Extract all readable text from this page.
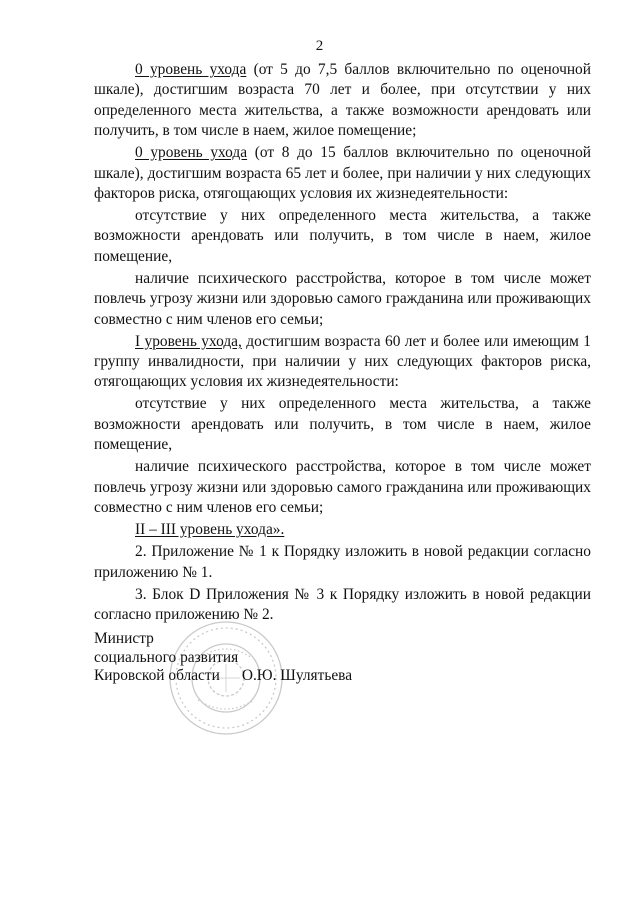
2

0 уровень ухода (от 5 до 7,5 баллов включительно по оценочной шкале), достигшим возраста 70 лет и более, при отсутствии у них определенного места жительства, а также возможности арендовать или получить, в том числе в наем, жилое помещение;

0 уровень ухода (от 8 до 15 баллов включительно по оценочной шкале), достигшим возраста 65 лет и более, при наличии у них следующих факторов риска, отягощающих условия их жизнедеятельности:

отсутствие у них определенного места жительства, а также возможности арендовать или получить, в том числе в наем, жилое помещение,

наличие психического расстройства, которое в том числе может повлечь угрозу жизни или здоровью самого гражданина или проживающих совместно с ним членов его семьи;

I уровень ухода, достигшим возраста 60 лет и более или имеющим 1 группу инвалидности, при наличии у них следующих факторов риска, отягощающих условия их жизнедеятельности:

отсутствие у них определенного места жительства, а также возможности арендовать или получить, в том числе в наем, жилое помещение,

наличие психического расстройства, которое в том числе может повлечь угрозу жизни или здоровью самого гражданина или проживающих совместно с ним членов его семьи;

II – III уровень ухода».

2. Приложение № 1 к Порядку изложить в новой редакции согласно приложению № 1.

3. Блок D Приложения № 3 к Порядку изложить в новой редакции согласно приложению № 2.

Министр
социального развития
Кировской области О.Ю. Шулятьева
